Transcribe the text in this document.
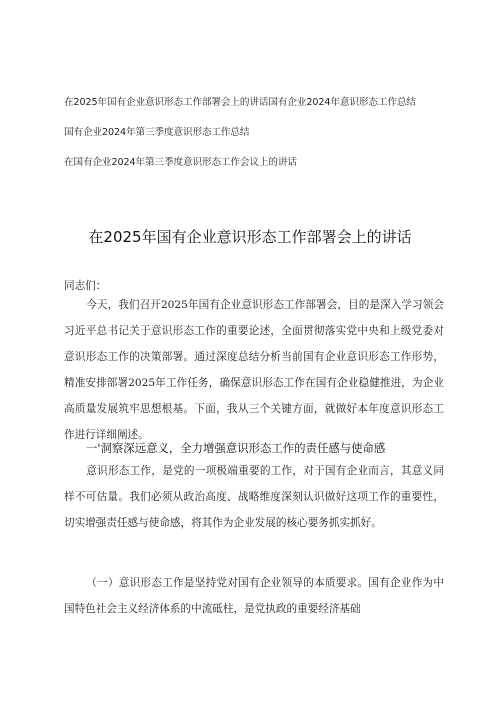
在2025年国有企业意识形态工作部署会上的讲话国有企业2024年意识形态工作总结
国有企业2024年第三季度意识形态工作总结
在国有企业2024年第三季度意识形态工作会议上的讲话
在2025年国有企业意识形态工作部署会上的讲话
同志们：

今天，我们召开2025年国有企业意识形态工作部署会，目的是深入学习领会习近平总书记关于意识形态工作的重要论述，全面贯彻落实党中央和上级党委对意识形态工作的决策部署。通过深度总结分析当前国有企业意识形态工作形势，精准安排部署2025年工作任务，确保意识形态工作在国有企业稳健推进，为企业高质量发展筑牢思想根基。下面，我从三个关键方面，就做好本年度意识形态工作进行详细阐述。

一'洞察深远意义，全力增强意识形态工作的责任感与使命感

意识形态工作，是党的一项极端重要的工作，对于国有企业而言，其意义同样不可估量。我们必须从政治高度、战略维度深刻认识做好这项工作的重要性，切实增强责任感与使命感，将其作为企业发展的核心要务抓实抓好。

（一）意识形态工作是坚持党对国有企业领导的本质要求。国有企业作为中国特色社会主义经济体系的中流砥柱，是党执政的重要经济基础
